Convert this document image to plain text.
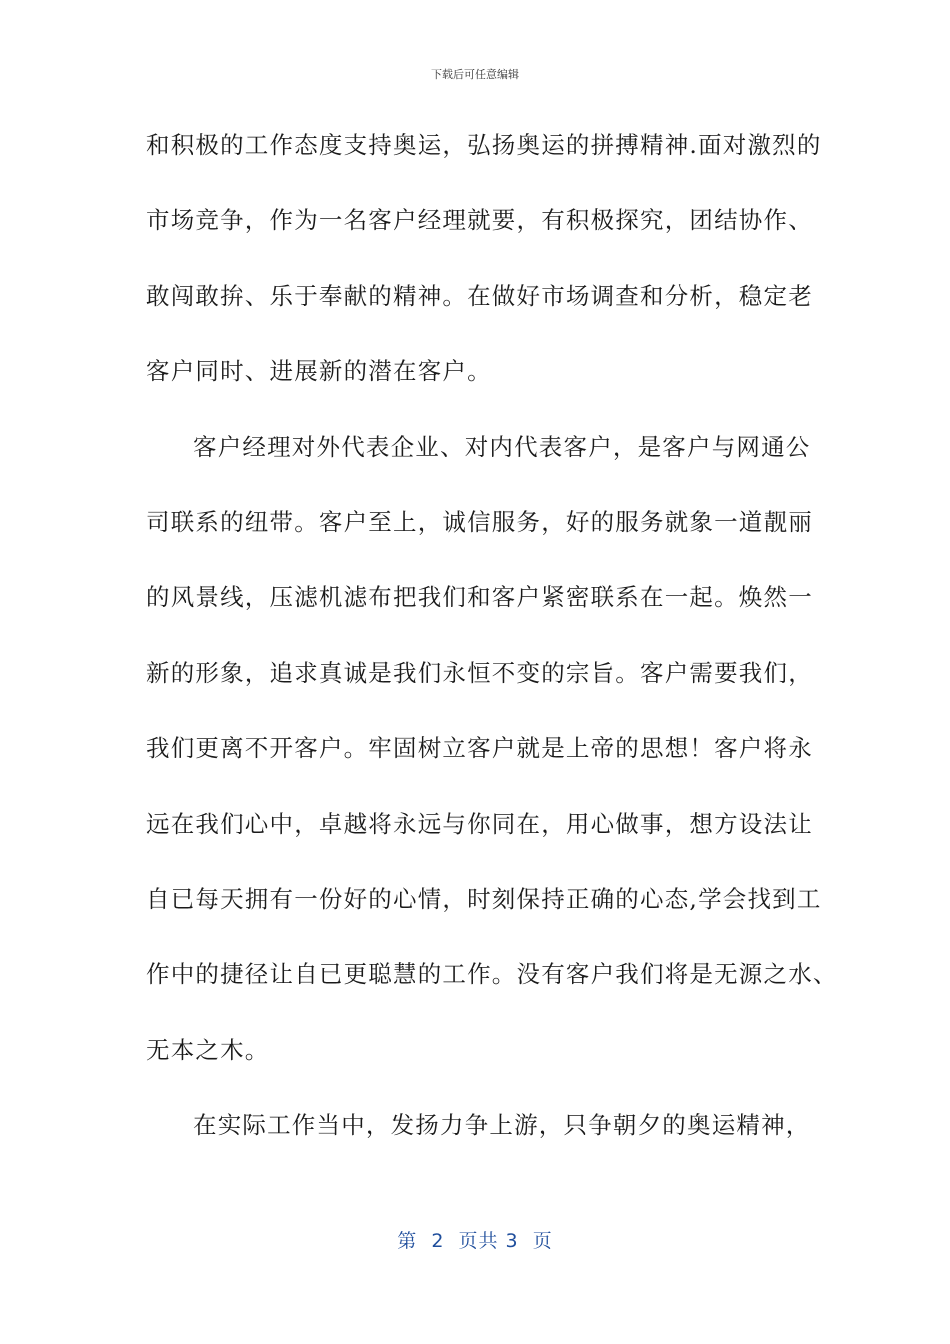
下载后可任意编辑
和积极的工作态度支持奥运，弘扬奥运的拼搏精神.面对激烈的
市场竞争，作为一名客户经理就要，有积极探究，团结协作、
敢闯敢拚、乐于奉献的精神。在做好市场调查和分析，稳定老
客户同时、进展新的潜在客户。
客户经理对外代表企业、对内代表客户，是客户与网通公
司联系的纽带。客户至上，诚信服务，好的服务就象一道靓丽
的风景线，压滤机滤布把我们和客户紧密联系在一起。焕然一
新的形象，追求真诚是我们永恒不变的宗旨。客户需要我们，
我们更离不开客户。牢固树立客户就是上帝的思想！客户将永
远在我们心中，卓越将永远与你同在，用心做事，想方设法让
自已每天拥有一份好的心情，时刻保持正确的心态,学会找到工
作中的捷径让自已更聪慧的工作。没有客户我们将是无源之水、
无本之木。
在实际工作当中，发扬力争上游，只争朝夕的奥运精神，
第  2  页共 3  页
